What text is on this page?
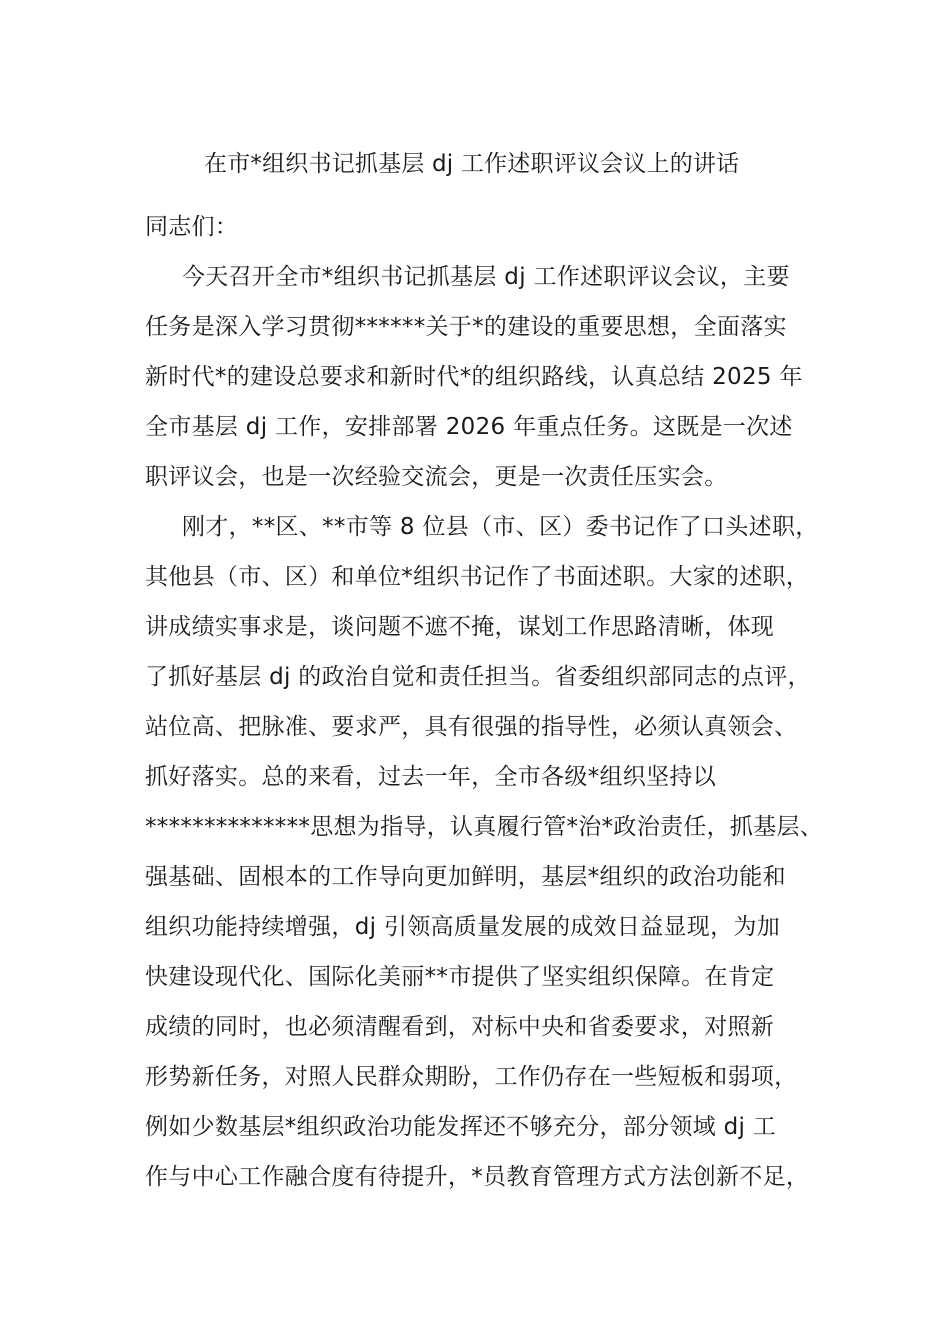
在市*组织书记抓基层 dj 工作述职评议会议上的讲话
同志们：
今天召开全市*组织书记抓基层 dj 工作述职评议会议，主要
任务是深入学习贯彻******关于*的建设的重要思想，全面落实
新时代*的建设总要求和新时代*的组织路线，认真总结 2025 年
全市基层 dj 工作，安排部署 2026 年重点任务。这既是一次述
职评议会，也是一次经验交流会，更是一次责任压实会。
刚才，**区、**市等 8 位县（市、区）委书记作了口头述职，
其他县（市、区）和单位*组织书记作了书面述职。大家的述职，
讲成绩实事求是，谈问题不遮不掩，谋划工作思路清晰，体现
了抓好基层 dj 的政治自觉和责任担当。省委组织部同志的点评，
站位高、把脉准、要求严，具有很强的指导性，必须认真领会、
抓好落实。总的来看，过去一年，全市各级*组织坚持以
**************思想为指导，认真履行管*治*政治责任，抓基层、
强基础、固根本的工作导向更加鲜明，基层*组织的政治功能和
组织功能持续增强，dj 引领高质量发展的成效日益显现，为加
快建设现代化、国际化美丽**市提供了坚实组织保障。在肯定
成绩的同时，也必须清醒看到，对标中央和省委要求，对照新
形势新任务，对照人民群众期盼，工作仍存在一些短板和弱项，
例如少数基层*组织政治功能发挥还不够充分，部分领域 dj 工
作与中心工作融合度有待提升，*员教育管理方式方法创新不足，
